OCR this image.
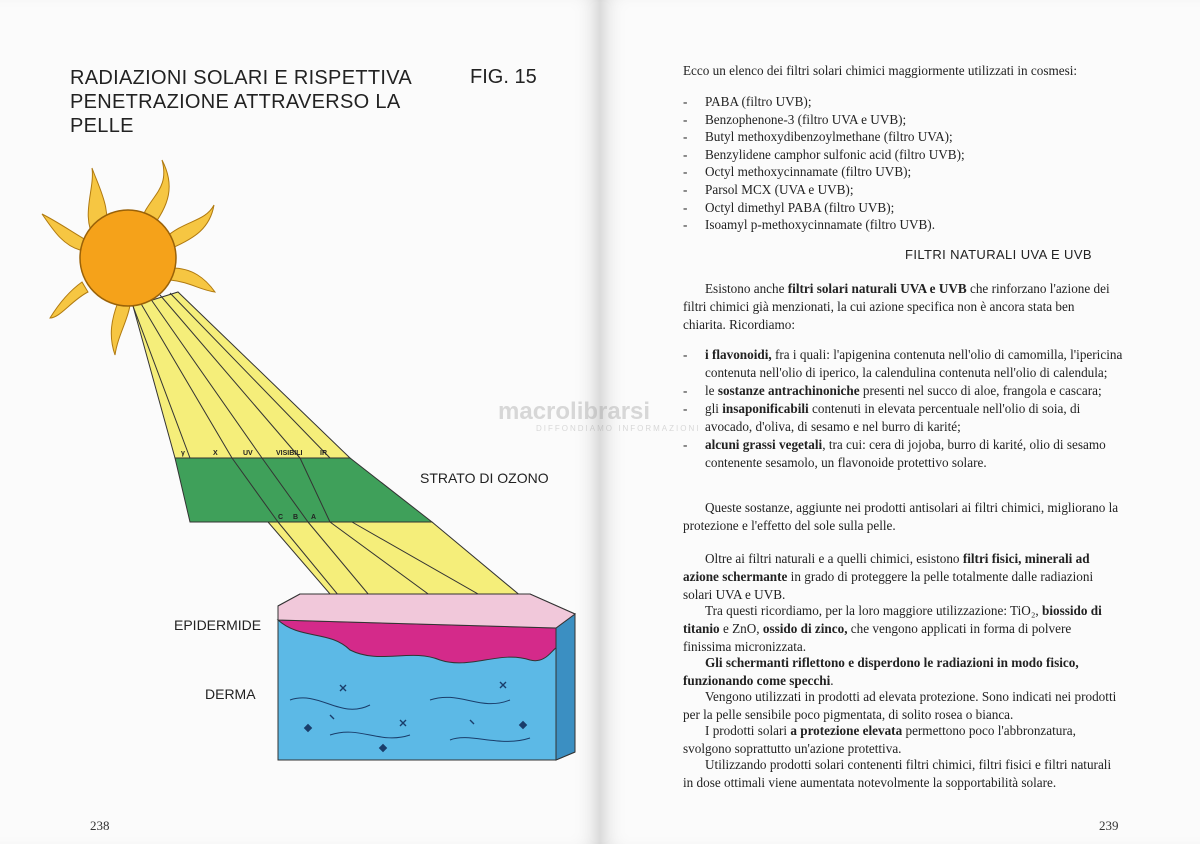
RADIAZIONI SOLARI E RISPETTIVA PENETRAZIONE ATTRAVERSO LA PELLE
FIG. 15
γ	X	UV	VISIBILI	IR
C B A
STRATO DI OZONO
EPIDERMIDE
DERMA
238
macrolibrarsi
DIFFONDIAMO INFORMAZIONI
Ecco un elenco dei filtri solari chimici maggiormente utilizzati in cosmesi:
- PABA (filtro UVB);
- Benzophenone-3 (filtro UVA e UVB);
- Butyl methoxydibenzoylmethane (filtro UVA);
- Benzylidene camphor sulfonic acid (filtro UVB);
- Octyl methoxycinnamate (filtro UVB);
- Parsol MCX (UVA e UVB);
- Octyl dimethyl PABA (filtro UVB);
- Isoamyl p-methoxycinnamate (filtro UVB).
FILTRI NATURALI UVA E UVB
Esistono anche filtri solari naturali UVA e UVB che rinforzano l'azione dei filtri chimici già menzionati, la cui azione specifica non è ancora stata ben chiarita. Ricordiamo:
- i flavonoidi, fra i quali: l'apigenina contenuta nell'olio di camomilla, l'ipericina contenuta nell'olio di iperico, la calendulina contenuta nell'olio di calendula;
- le sostanze antrachinoniche presenti nel succo di aloe, frangola e cascara;
- gli insaponificabili contenuti in elevata percentuale nell'olio di soia, di avocado, d'oliva, di sesamo e nel burro di karité;
- alcuni grassi vegetali, tra cui: cera di jojoba, burro di karité, olio di sesamo contenente sesamolo, un flavonoide protettivo solare.
Queste sostanze, aggiunte nei prodotti antisolari ai filtri chimici, migliorano la protezione e l'effetto del sole sulla pelle.
Oltre ai filtri naturali e a quelli chimici, esistono filtri fisici, minerali ad azione schermante in grado di proteggere la pelle totalmente dalle radiazioni solari UVA e UVB.
Tra questi ricordiamo, per la loro maggiore utilizzazione: TiO₂, biossido di titanio e ZnO, ossido di zinco, che vengono applicati in forma di polvere finissima micronizzata.
Gli schermanti riflettono e disperdono le radiazioni in modo fisico, funzionando come specchi.
Vengono utilizzati in prodotti ad elevata protezione. Sono indicati nei prodotti per la pelle sensibile poco pigmentata, di solito rosea o bianca.
I prodotti solari a protezione elevata permettono poco l'abbronzatura, svolgono soprattutto un'azione protettiva.
Utilizzando prodotti solari contenenti filtri chimici, filtri fisici e filtri naturali in dose ottimali viene aumentata notevolmente la sopportabilità solare.
239
